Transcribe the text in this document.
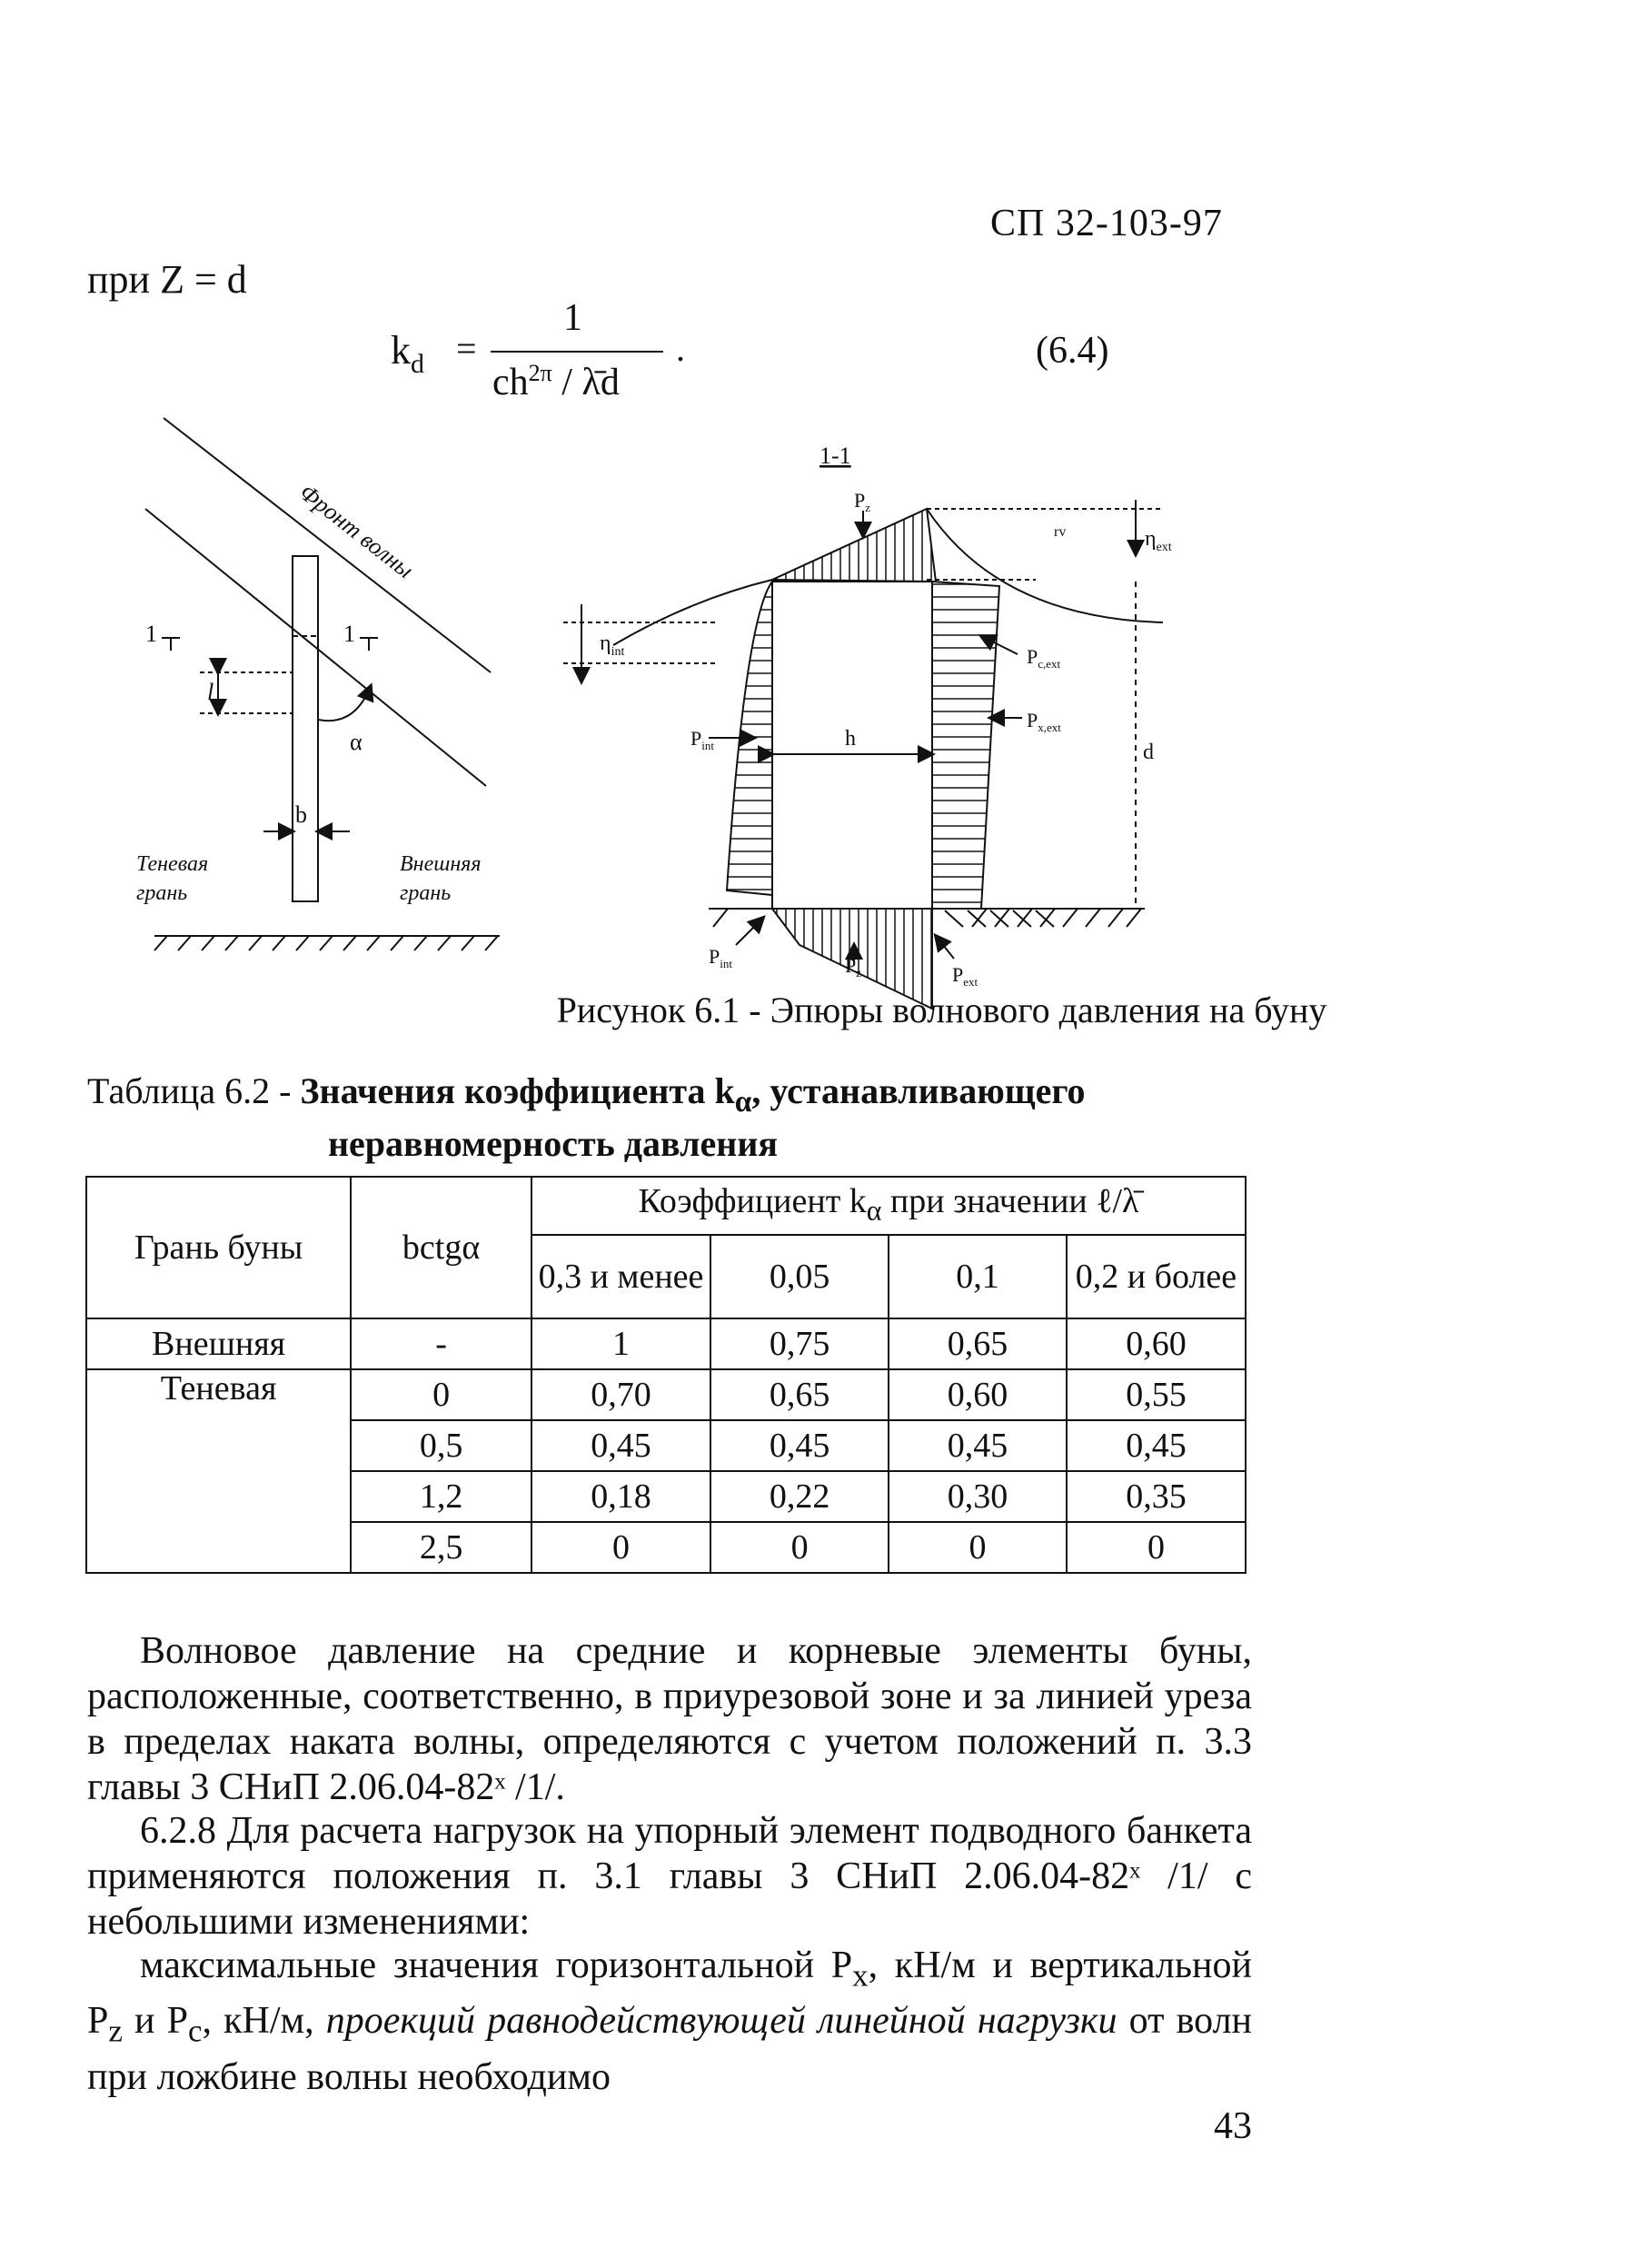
СП 32-103-97
при Z = d
$k_d$ =
1
$ch^{2\pi}$ / λ̄d
.	(6.4)
Фронт волны
1	1
l
α
b
Теневая
грань
Внешняя
грань
1-1
h
d
$\eta_{int}$
$\eta_{ext}$
rv
$P_z$
$P_z$
$P_{int}$
$P_{c,ext}$
$P_{x,ext}$
$P_{int}$	$P_{ext}$
Рисунок 6.1 - Эпюры волнового давления на буну
Таблица 6.2 - Значения коэффициента $k_\alpha$, устанавливающего
неравномерность давления
Грань буны	bctgα	Коэффициент $k_\alpha$ при значении ℓ/λ̄			
		0,3 и менее	0,05	0,1	0,2 и более
Внешняя	-	1	0,75	0,65	0,60
Теневая	0	0,70	0,65	0,60	0,55
	0,5	0,45	0,45	0,45	0,45
	1,2	0,18	0,22	0,30	0,35
	2,5	0	0	0	0
Волновое давление на средние и корневые элементы буны, расположенные, соответственно, в приурезовой зоне и за линией уреза в пределах наката волны, определяются с учетом положений п. 3.3 главы 3 СНиП 2.06.04-82ˣ /1/.
6.2.8 Для расчета нагрузок на упорный элемент подводного банкета применяются положения п. 3.1 главы 3 СНиП 2.06.04-82ˣ /1/ с небольшими изменениями:
максимальные значения горизонтальной $P_x$, кН/м и вертикальной $P_z$ и $P_c$, кН/м, проекций равнодействующей линейной нагрузки от волн при ложбине волны необходимо
43
